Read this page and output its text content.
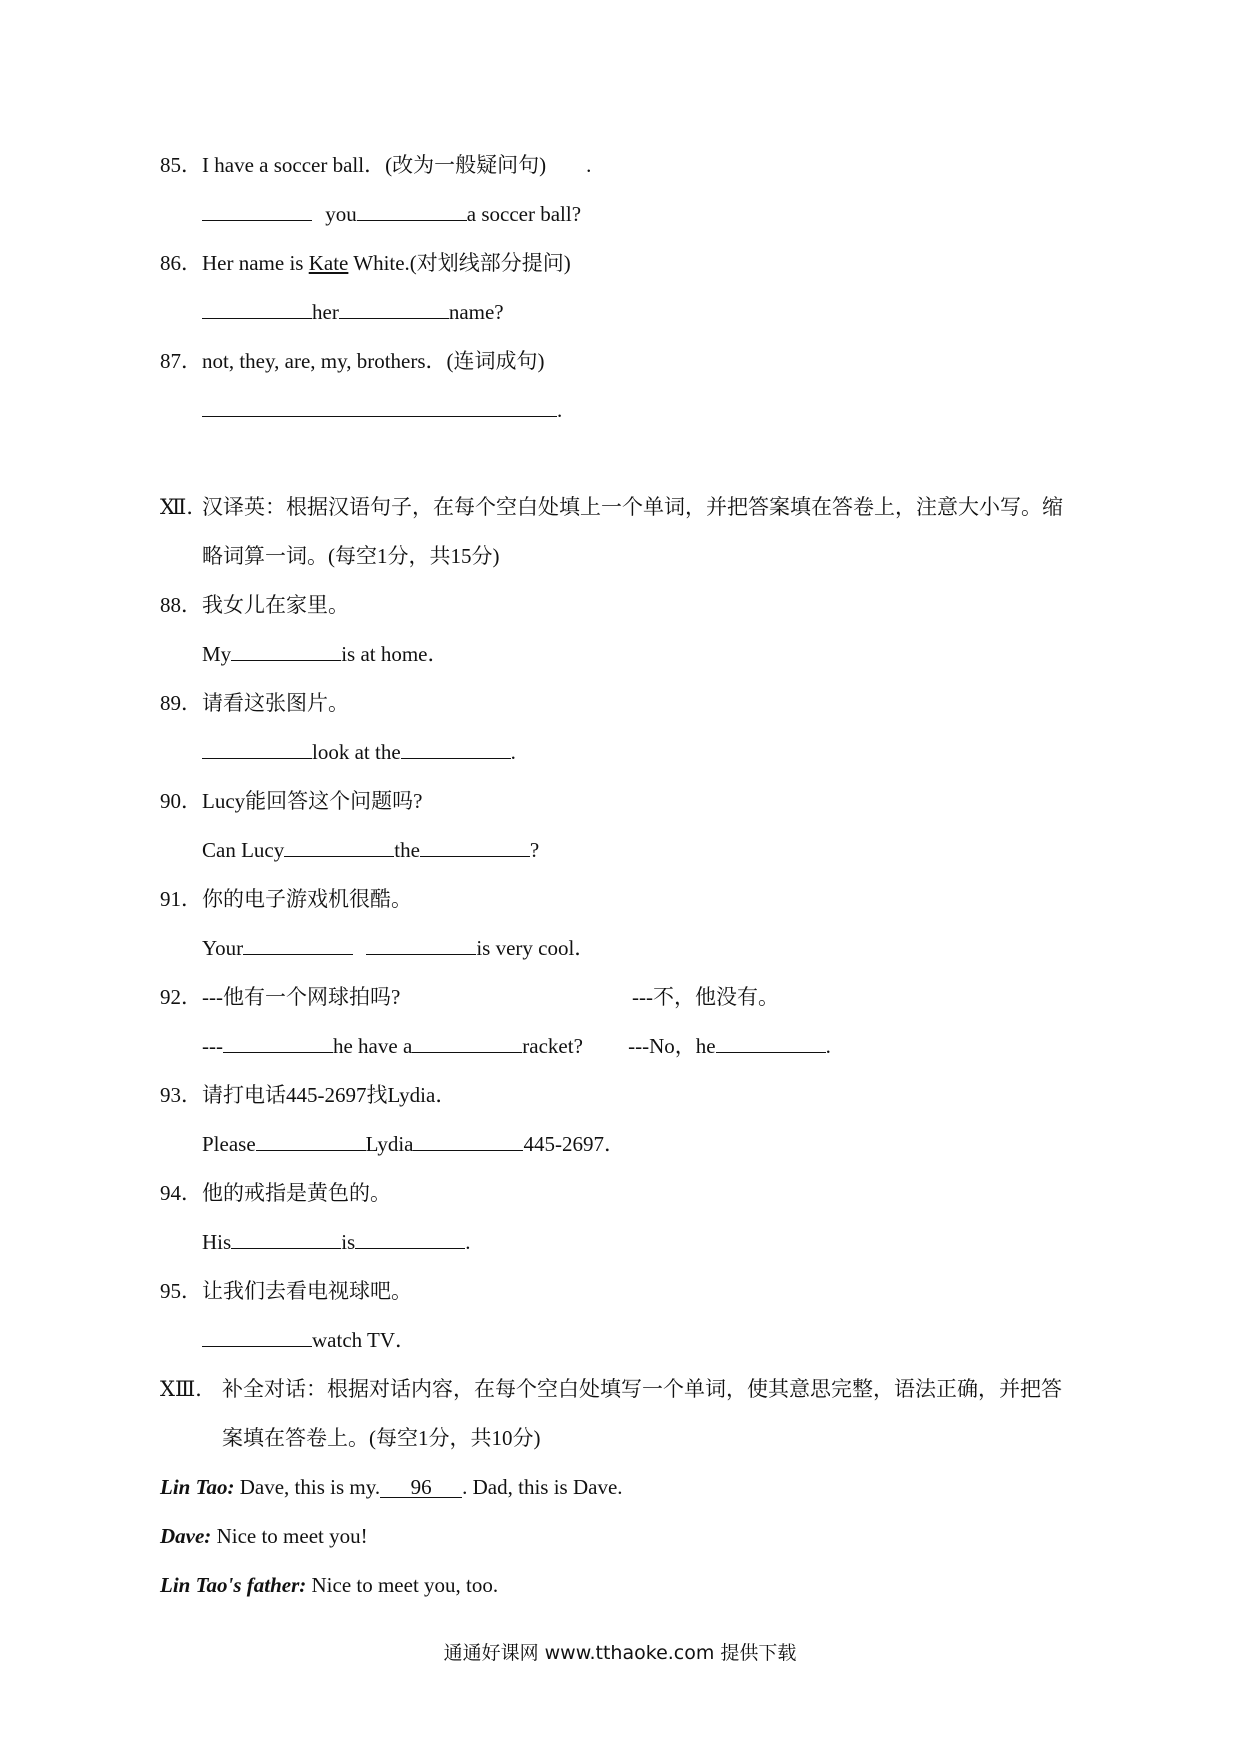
85．I have a soccer ball．(改为一般疑问句) .
you	a soccer ball?
86．Her name is Kate White.(对划线部分提问)
her	name?
87．not, they, are, my, brothers．(连词成句)
.
Ⅻ．汉译英：根据汉语句子，在每个空白处填上一个单词，并把答案填在答卷上，注意大小写。缩
略词算一词。(每空1分，共15分)
88．我女儿在家里。
My	is at home．
89．请看这张图片。
look at the	.
90．Lucy能回答这个问题吗?
Can Lucy	the	?
91．你的电子游戏机很酷。
Your	is very cool．
92．---他有一个网球拍吗?	---不，他没有。
---	he have a	racket? ---No，he	.
93．请打电话445-2697找Lydia．
Please	Lydia	445-2697．
94．他的戒指是黄色的。
His	is	.
95．让我们去看电视球吧。
watch TV．
ⅩⅢ． 补全对话：根据对话内容，在每个空白处填写一个单词，使其意思完整，语法正确，并把答
案填在答卷上。(每空1分，共10分)
Lin Tao: Dave, this is my. 96 . Dad, this is Dave.
Dave: Nice to meet you!
Lin Tao's father: Nice to meet you, too.
通通好课网 www.tthaoke.com 提供下载
